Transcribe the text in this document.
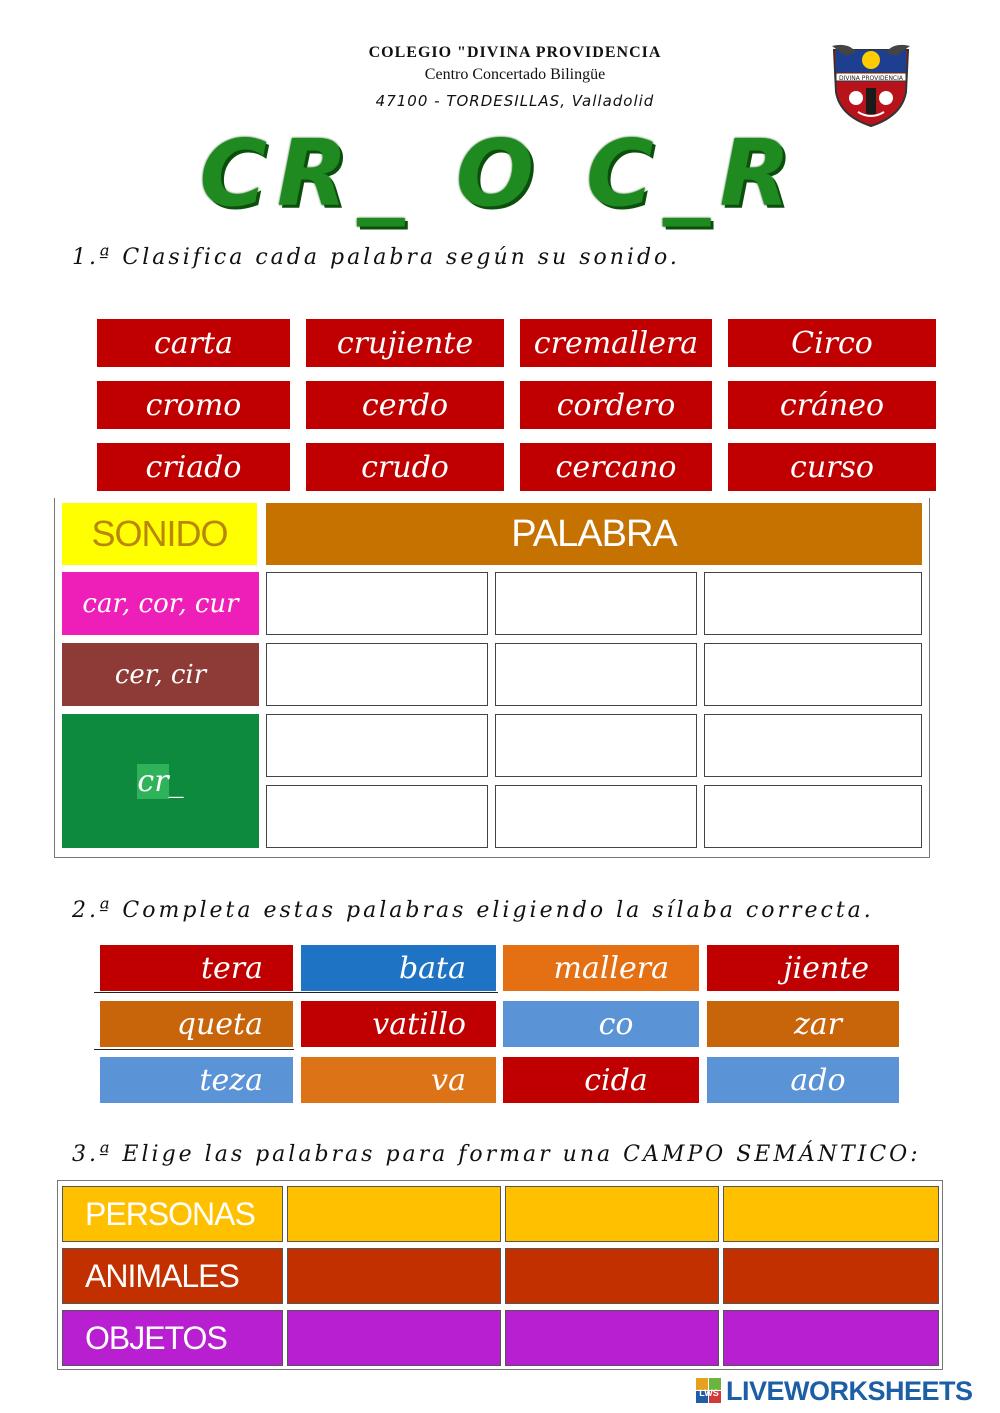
COLEGIO "DIVINA PROVIDENCIA
Centro Concertado Bilingüe
47100 - TORDESILLAS, Valladolid
DIVINA PROVIDENCIA
CR_ O C_R
1.ª Clasifica cada palabra según su sonido.
carta	crujiente	cremallera	Circo
cromo	cerdo	cordero	cráneo
criado	crudo	cercano	curso
SONIDO	PALABRA
car, cor, cur
cer, cir
cr _
2.ª Completa estas palabras eligiendo la sílaba correcta.
tera	bata	mallera	jiente
queta	vatillo	co	zar
teza	va	cida	ado
3.ª Elige las palabras para formar una CAMPO SEMÁNTICO:
PERSONAS
ANIMALES
OBJETOS
LWS LIVEWORKSHEETS
